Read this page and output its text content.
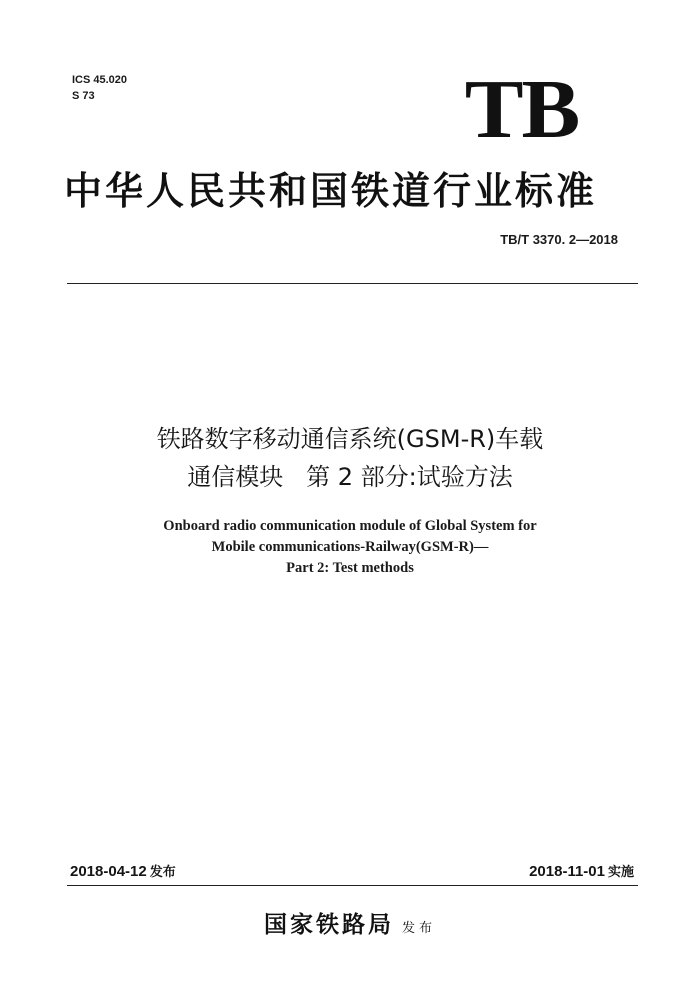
ICS 45.020
S 73	TB
中华人民共和国铁道行业标准
TB/T 3370. 2—2018
铁路数字移动通信系统(GSM-R)车载
通信模块   第 2 部分:试验方法
Onboard radio communication module of Global System for
Mobile communications-Railway(GSM-R)—
Part 2: Test methods
2018-04-12 发布	2018-11-01 实施
国家铁路局 发布
